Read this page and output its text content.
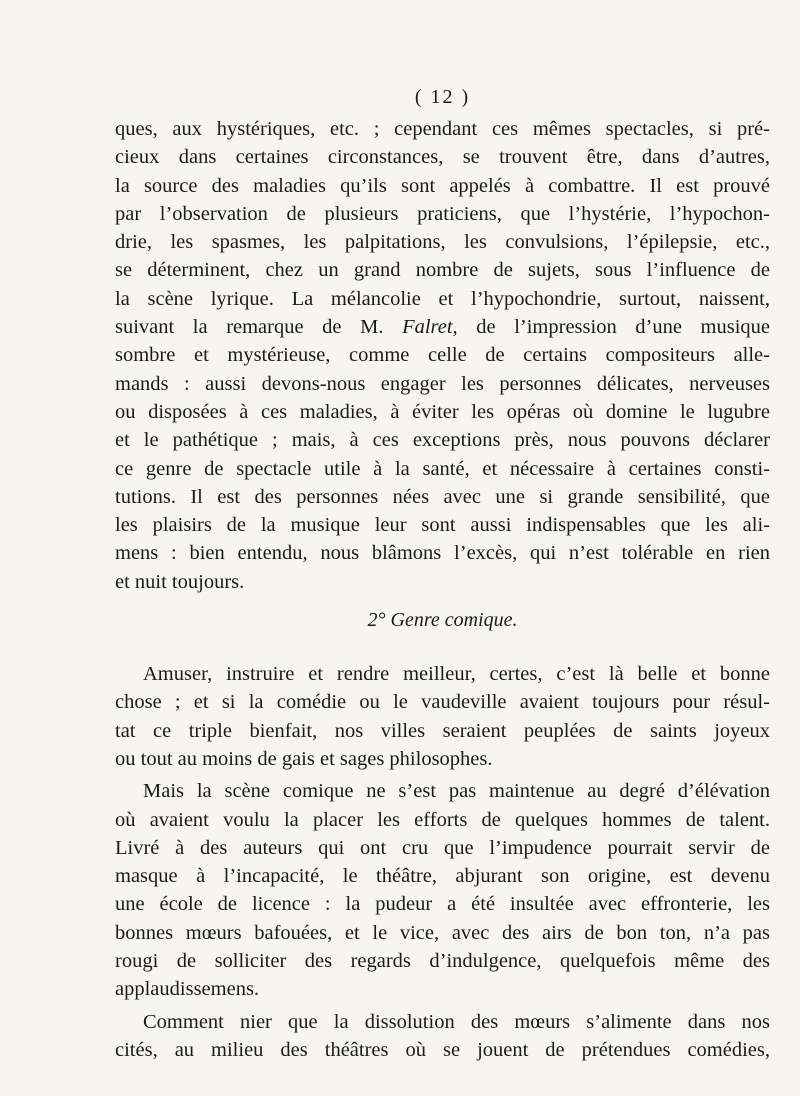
( 12 )
ques, aux hystériques, etc. ; cependant ces mêmes spectacles, si pré-
cieux dans certaines circonstances, se trouvent être, dans d’autres,
la source des maladies qu’ils sont appelés à combattre. Il est prouvé
par l’observation de plusieurs praticiens, que l’hystérie, l’hypochon-
drie, les spasmes, les palpitations, les convulsions, l’épilepsie, etc.,
se déterminent, chez un grand nombre de sujets, sous l’influence de
la scène lyrique. La mélancolie et l’hypochondrie, surtout, naissent,
suivant la remarque de M. Falret, de l’impression d’une musique
sombre et mystérieuse, comme celle de certains compositeurs alle-
mands : aussi devons-nous engager les personnes délicates, nerveuses
ou disposées à ces maladies, à éviter les opéras où domine le lugubre
et le pathétique ; mais, à ces exceptions près, nous pouvons déclarer
ce genre de spectacle utile à la santé, et nécessaire à certaines consti-
tutions. Il est des personnes nées avec une si grande sensibilité, que
les plaisirs de la musique leur sont aussi indispensables que les ali-
mens : bien entendu, nous blâmons l’excès, qui n’est tolérable en rien
et nuit toujours.
2° Genre comique.
Amuser, instruire et rendre meilleur, certes, c’est là belle et bonne
chose ; et si la comédie ou le vaudeville avaient toujours pour résul-
tat ce triple bienfait, nos villes seraient peuplées de saints joyeux
ou tout au moins de gais et sages philosophes.
Mais la scène comique ne s’est pas maintenue au degré d’élévation
où avaient voulu la placer les efforts de quelques hommes de talent.
Livré à des auteurs qui ont cru que l’impudence pourrait servir de
masque à l’incapacité, le théâtre, abjurant son origine, est devenu
une école de licence : la pudeur a été insultée avec effronterie, les
bonnes mœurs bafouées, et le vice, avec des airs de bon ton, n’a pas
rougi de solliciter des regards d’indulgence, quelquefois même des
applaudissemens.
Comment nier que la dissolution des mœurs s’alimente dans nos
cités, au milieu des théâtres où se jouent de prétendues comédies,
